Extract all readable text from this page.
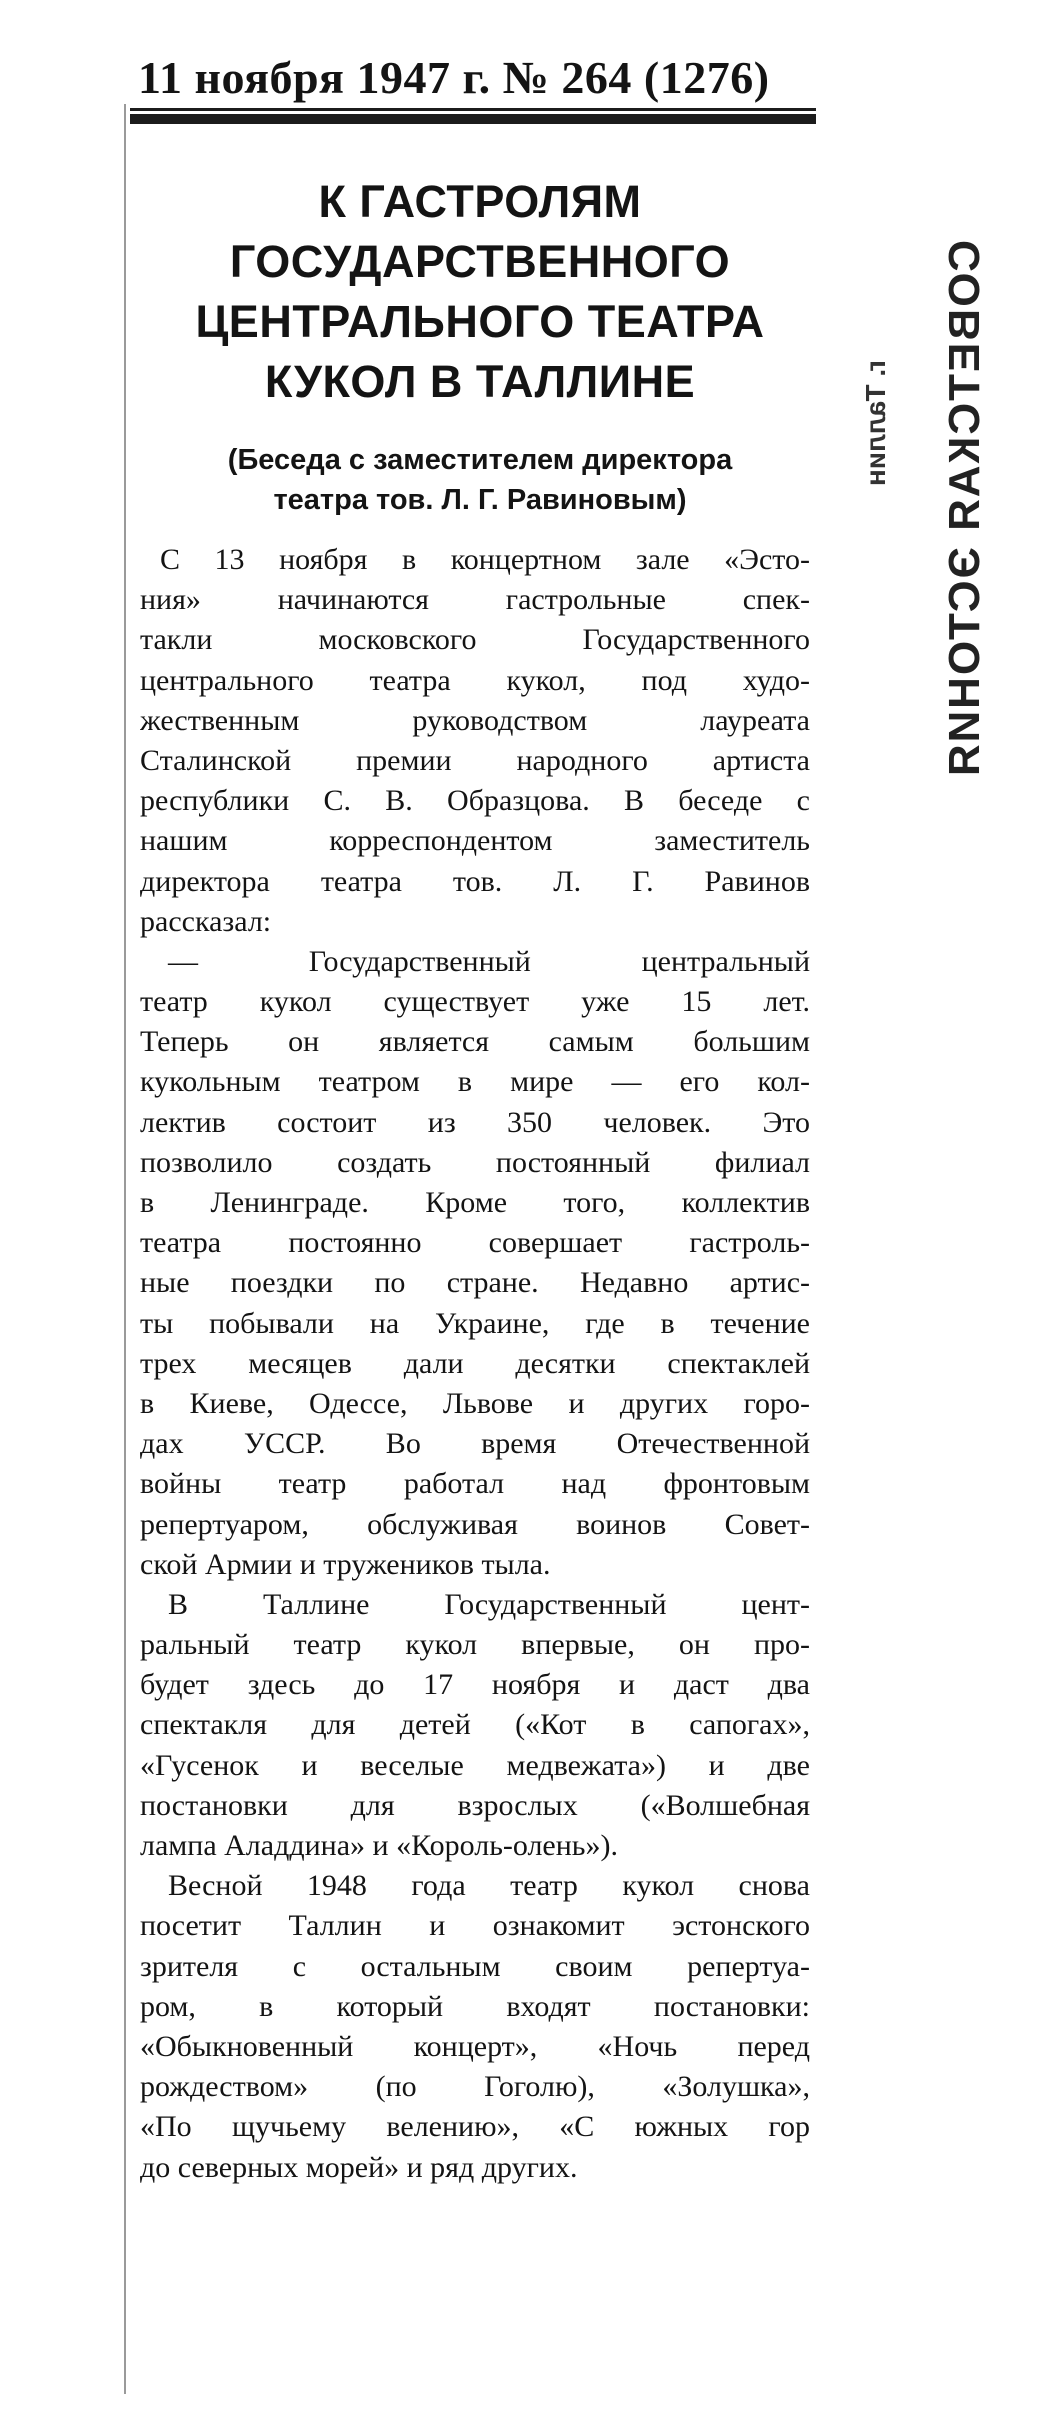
11 ноября 1947 г. № 264 (1276)
СОВЕТСКАЯ ЭСТОНИЯ
г. Таллин
К ГАСТРОЛЯМ
ГОСУДАРСТВЕННОГО
ЦЕНТРАЛЬНОГО ТЕАТРА
КУКОЛ В ТАЛЛИНЕ
(Беседа с заместителем директора
театра тов. Л. Г. Равиновым)
С 13 ноября в концертном зале «Эсто-
ния» начинаются гастрольные спек-
такли московского Государственного
центрального театра кукол, под худо-
жественным руководством лауреата
Сталинской премии народного артиста
республики С. В. Образцова. В беседе с
нашим корреспондентом заместитель
директора театра тов. Л. Г. Равинов
рассказал:
— Государственный центральный
театр кукол существует уже 15 лет.
Теперь он является самым большим
кукольным театром в мире — его кол-
лектив состоит из 350 человек. Это
позволило создать постоянный филиал
в Ленинграде. Кроме того, коллектив
театра постоянно совершает гастроль-
ные поездки по стране. Недавно артис-
ты побывали на Украине, где в течение
трех месяцев дали десятки спектаклей
в Киеве, Одессе, Львове и других горо-
дах УССР. Во время Отечественной
войны театр работал над фронтовым
репертуаром, обслуживая воинов Совет-
ской Армии и тружеников тыла.
В Таллине Государственный цент-
ральный театр кукол впервые, он про-
будет здесь до 17 ноября и даст два
спектакля для детей («Кот в сапогах»,
«Гусенок и веселые медвежата») и две
постановки для взрослых («Волшебная
лампа Аладдина» и «Король-олень»).
Весной 1948 года театр кукол снова
посетит Таллин и ознакомит эстонского
зрителя с остальным своим репертуа-
ром, в который входят постановки:
«Обыкновенный концерт», «Ночь перед
рождеством» (по Гоголю), «Золушка»,
«По щучьему велению», «С южных гор
до северных морей» и ряд других.
